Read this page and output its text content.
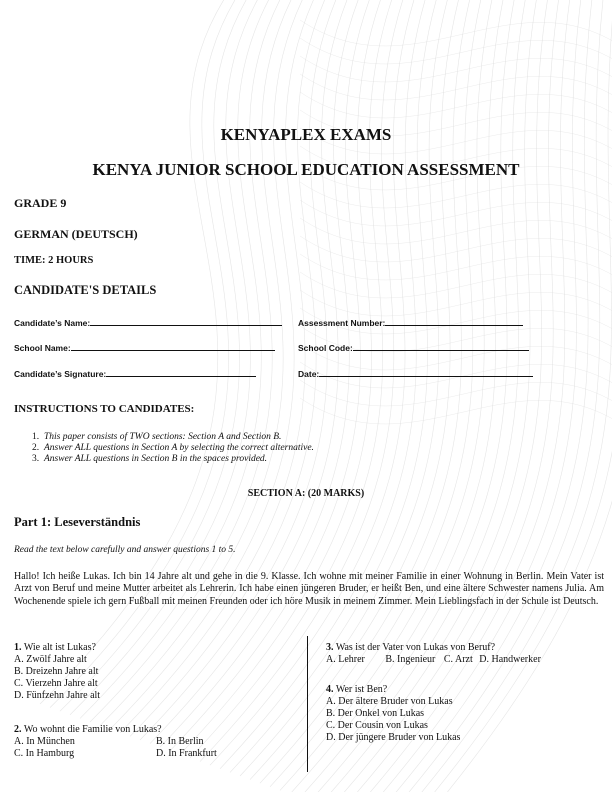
KENYAPLEX EXAMS
KENYA JUNIOR SCHOOL EDUCATION ASSESSMENT
GRADE 9
GERMAN (DEUTSCH)
TIME: 2 HOURS
CANDIDATE'S DETAILS
Candidate’s Name:	Assessment Number:
School Name:	School Code:
Candidate’s Signature:	Date:
INSTRUCTIONS TO CANDIDATES:
1. This paper consists of TWO sections: Section A and Section B.
2. Answer ALL questions in Section A by selecting the correct alternative.
3. Answer ALL questions in Section B in the spaces provided.
SECTION A: (20 MARKS)
Part 1: Leseverständnis
Read the text below carefully and answer questions 1 to 5.
Hallo! Ich heiße Lukas. Ich bin 14 Jahre alt und gehe in die 9. Klasse. Ich wohne mit meiner Familie in einer Wohnung in Berlin. Mein Vater ist Arzt von Beruf und meine Mutter arbeitet als Lehrerin. Ich habe einen jüngeren Bruder, er heißt Ben, und eine ältere Schwester namens Julia. Am Wochenende spiele ich gern Fußball mit meinen Freunden oder ich höre Musik in meinem Zimmer. Mein Lieblingsfach in der Schule ist Deutsch.
1. Wie alt ist Lukas?
A. Zwölf Jahre alt
B. Dreizehn Jahre alt
C. Vierzehn Jahre alt
D. Fünfzehn Jahre alt
2. Wo wohnt die Familie von Lukas?
A. In München	B. In Berlin
C. In Hamburg	D. In Frankfurt
3. Was ist der Vater von Lukas von Beruf?
A. Lehrer B. Ingenieur C. Arzt D. Handwerker
4. Wer ist Ben?
A. Der ältere Bruder von Lukas
B. Der Onkel von Lukas
C. Der Cousin von Lukas
D. Der jüngere Bruder von Lukas
